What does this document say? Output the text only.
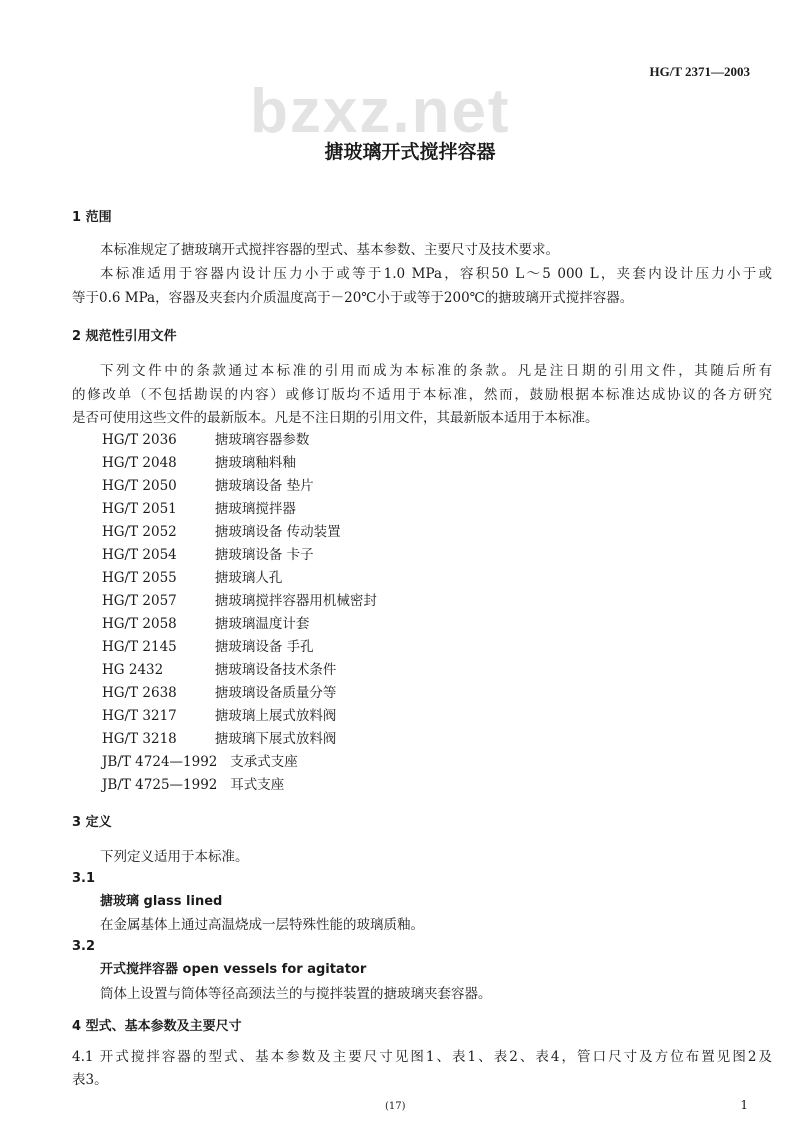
bzxz.net
HG/T 2371—2003
搪玻璃开式搅拌容器
1 范围
本标准规定了搪玻璃开式搅拌容器的型式、基本参数、主要尺寸及技术要求。
本标准适用于容器内设计压力小于或等于1.0 MPa，容积50 L～5 000 L，夹套内设计压力小于或
等于0.6 MPa，容器及夹套内介质温度高于－20℃小于或等于200℃的搪玻璃开式搅拌容器。
2 规范性引用文件
下列文件中的条款通过本标准的引用而成为本标准的条款。凡是注日期的引用文件，其随后所有
的修改单（不包括勘误的内容）或修订版均不适用于本标准，然而，鼓励根据本标准达成协议的各方研究
是否可使用这些文件的最新版本。凡是不注日期的引用文件，其最新版本适用于本标准。
HG/T 2036	搪玻璃容器参数
HG/T 2048	搪玻璃釉料釉
HG/T 2050	搪玻璃设备 垫片
HG/T 2051	搪玻璃搅拌器
HG/T 2052	搪玻璃设备 传动装置
HG/T 2054	搪玻璃设备 卡子
HG/T 2055	搪玻璃人孔
HG/T 2057	搪玻璃搅拌容器用机械密封
HG/T 2058	搪玻璃温度计套
HG/T 2145	搪玻璃设备 手孔
HG 2432	搪玻璃设备技术条件
HG/T 2638	搪玻璃设备质量分等
HG/T 3217	搪玻璃上展式放料阀
HG/T 3218	搪玻璃下展式放料阀
JB/T 4724—1992 支承式支座
JB/T 4725—1992 耳式支座
3 定义
下列定义适用于本标准。
3.1
搪玻璃 glass lined
在金属基体上通过高温烧成一层特殊性能的玻璃质釉。
3.2
开式搅拌容器 open vessels for agitator
筒体上设置与筒体等径高颈法兰的与搅拌装置的搪玻璃夹套容器。
4 型式、基本参数及主要尺寸
4.1 开式搅拌容器的型式、基本参数及主要尺寸见图1、表1、表2、表4，管口尺寸及方位布置见图2及
表3。
(17)	1
